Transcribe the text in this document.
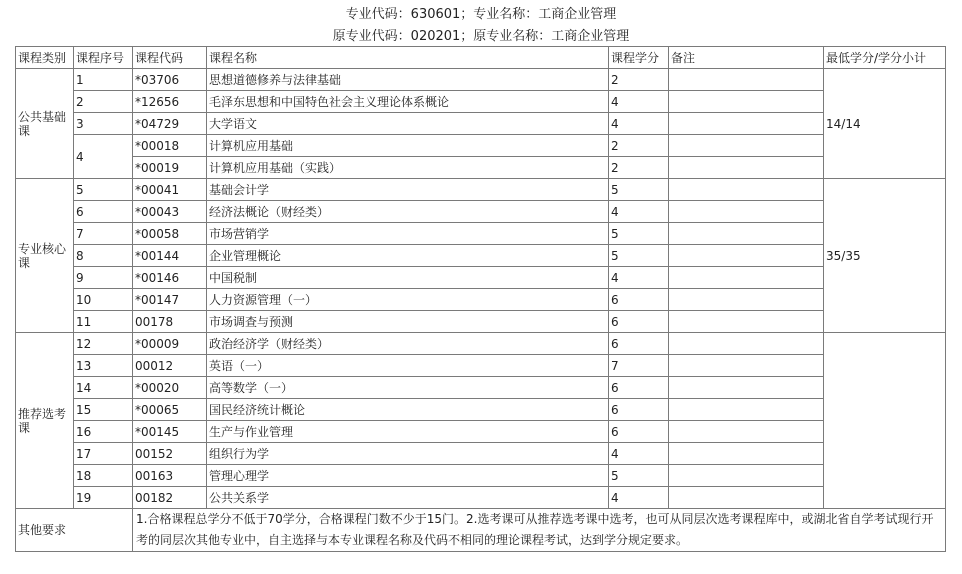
专业代码：630601；专业名称：工商企业管理
原专业代码：020201；原专业名称：工商企业管理
课程类别	课程序号	课程代码	课程名称	课程学分	备注	最低学分/学分小计
公共基础课	1	*03706	思想道德修养与法律基础	2		14/14
	2	*12656	毛泽东思想和中国特色社会主义理论体系概论	4		
	3	*04729	大学语文	4		
	4	*00018	计算机应用基础	2		
		*00019	计算机应用基础（实践）	2		
专业核心课	5	*00041	基础会计学	5		35/35
	6	*00043	经济法概论（财经类）	4		
	7	*00058	市场营销学	5		
	8	*00144	企业管理概论	5		
	9	*00146	中国税制	4		
	10	*00147	人力资源管理（一）	6		
	11	00178	市场调查与预测	6		
推荐选考课	12	*00009	政治经济学（财经类）	6		
	13	00012	英语（一）	7		
	14	*00020	高等数学（一）	6		
	15	*00065	国民经济统计概论	6		
	16	*00145	生产与作业管理	6		
	17	00152	组织行为学	4		
	18	00163	管理心理学	5		
	19	00182	公共关系学	4		
其他要求		1.合格课程总学分不低于70学分，合格课程门数不少于15门。2.选考课可从推荐选考课中选考，也可从同层次选考课程库中，或湖北省自学考试现行开考的同层次其他专业中，自主选择与本专业课程名称及代码不相同的理论课程考试，达到学分规定要求。				
